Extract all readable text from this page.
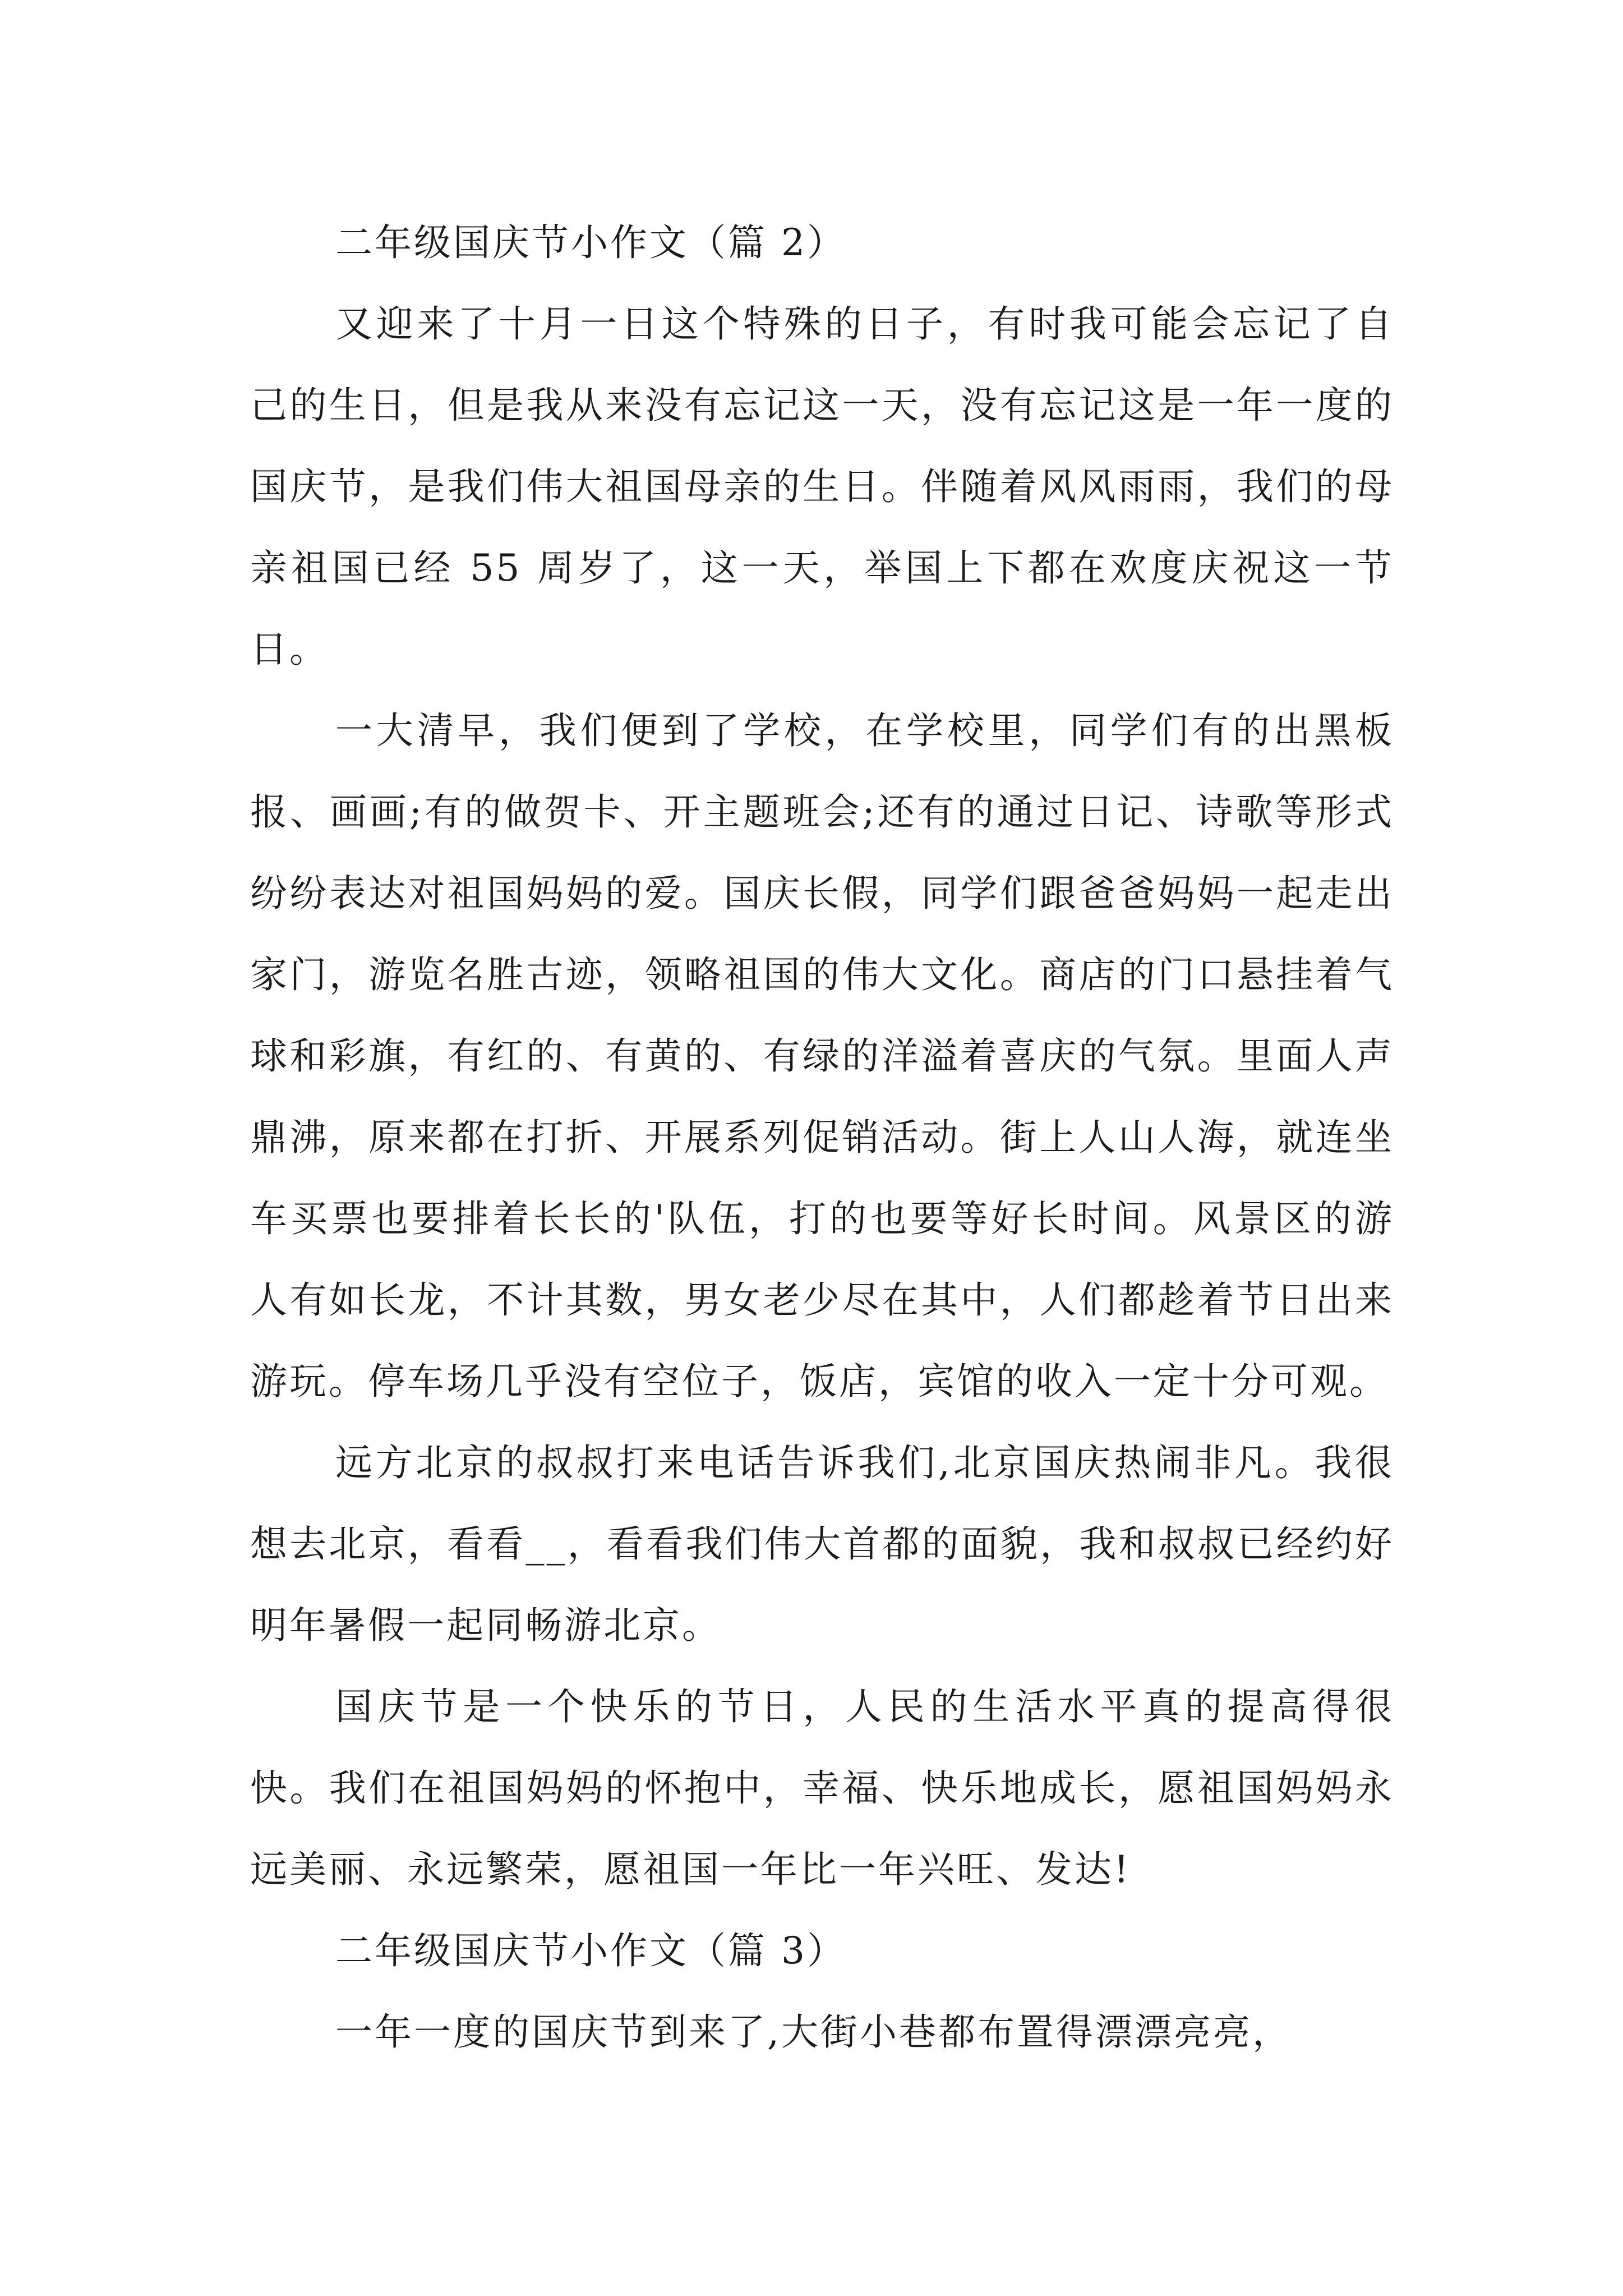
二年级国庆节小作文（篇 2）

又迎来了十月一日这个特殊的日子，有时我可能会忘记了自己的生日，但是我从来没有忘记这一天，没有忘记这是一年一度的国庆节，是我们伟大祖国母亲的生日。伴随着风风雨雨，我们的母亲祖国已经 55 周岁了，这一天，举国上下都在欢度庆祝这一节日。

一大清早，我们便到了学校，在学校里，同学们有的出黑板报、画画;有的做贺卡、开主题班会;还有的通过日记、诗歌等形式纷纷表达对祖国妈妈的爱。国庆长假，同学们跟爸爸妈妈一起走出家门，游览名胜古迹，领略祖国的伟大文化。商店的门口悬挂着气球和彩旗，有红的、有黄的、有绿的洋溢着喜庆的气氛。里面人声鼎沸，原来都在打折、开展系列促销活动。街上人山人海，就连坐车买票也要排着长长的'队伍，打的也要等好长时间。风景区的游人有如长龙，不计其数，男女老少尽在其中，人们都趁着节日出来游玩。停车场几乎没有空位子，饭店，宾馆的收入一定十分可观。

远方北京的叔叔打来电话告诉我们,北京国庆热闹非凡。我很想去北京，看看__，看看我们伟大首都的面貌，我和叔叔已经约好明年暑假一起同畅游北京。

国庆节是一个快乐的节日，人民的生活水平真的提高得很快。我们在祖国妈妈的怀抱中，幸福、快乐地成长，愿祖国妈妈永远美丽、永远繁荣，愿祖国一年比一年兴旺、发达!

二年级国庆节小作文（篇 3）

一年一度的国庆节到来了,大街小巷都布置得漂漂亮亮，
